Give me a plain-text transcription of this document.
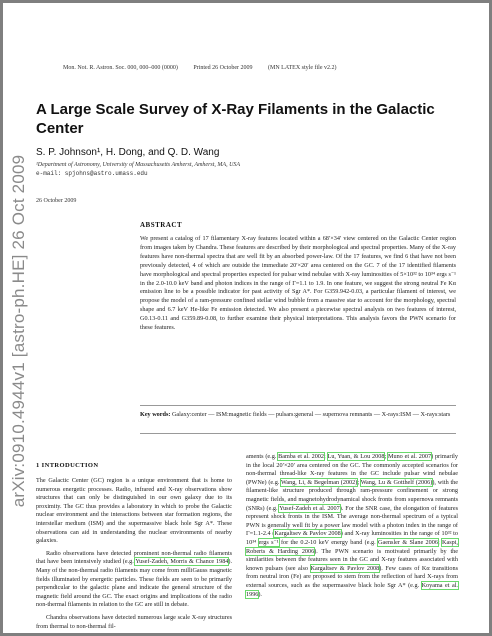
arXiv:0910.4944v1 [astro-ph.HE] 26 Oct 2009
Mon. Not. R. Astron. Soc. 000, 000–000 (0000)	Printed 26 October 2009	(MN LATEX style file v2.2)
A Large Scale Survey of X-Ray Filaments in the Galactic Center
S. P. Johnson¹, H. Dong, and Q. D. Wang
¹Department of Astronomy, University of Massachusetts Amherst, Amherst, MA, USA
e-mail: spjohns@astro.umass.edu
26 October 2009
ABSTRACT
We present a catalog of 17 filamentary X-ray features located within a 68′×34′ view centered on the Galactic Center region from images taken by Chandra. These features are described by their morphological and spectral properties. Many of the X-ray features have non-thermal spectra that are well fit by an absorbed power-law. Of the 17 features, we find 6 that have not been previously detected, 4 of which are outside the immediate 20′×20′ area centered on the GC. 7 of the 17 identified filaments have morphological and spectral properties expected for pulsar wind nebulae with X-ray luminosities of 5×10³² to 10³⁴ ergs s⁻¹ in the 2.0-10.0 keV band and photon indices in the range of Γ=1.1 to 1.9. In one feature, we suggest the strong neutral Fe Kα emission line to be a possible indicator for past activity of Sgr A*. For G359.942-0.03, a particular filament of interest, we propose the model of a ram-pressure confined stellar wind bubble from a massive star to account for the morphology, spectral shape and 6.7 keV He-like Fe emission detected. We also present a piecewise spectral analysis on two features of interest, G0.13-0.11 and G359.89-0.08, to further examine their physical interpretations. This analysis favors the PWN scenario for these features.
Key words: Galaxy:center — ISM:magnetic fields — pulsars:general — supernova remnants — X-rays:ISM — X-rays:stars
1 INTRODUCTION

The Galactic Center (GC) region is a unique environment that is home to numerous energetic processes. Radio, infrared and X-ray observations show structures that can only be distinguished in our own galaxy due to its proximity. The GC thus provides a laboratory in which to probe the Galactic nuclear environment and the interactions between star formation regions, the interstellar medium (ISM) and the supermassive black hole Sgr A*. These observations can aid in understanding the nuclear environments of nearby galaxies.

Radio observations have detected prominent non-thermal radio filaments that have been intensively studied (e.g. Yusef-Zadeh, Morris & Chance 1984). Many of the non-thermal radio filaments may come from milliGauss magnetic fields illuminated by energetic particles. These fields are seen to be primarily perpendicular to the galactic plane and indicate the general structure of the magnetic field around the GC. The exact origins and implications of the radio non-thermal filaments in relation to the GC are still in debate.

Chandra observations have detected numerous large scale X-ray structures from thermal to non-thermal fil-

aments (e.g. Bamba et al. 2002; Lu, Yuan, & Lou 2008; Muno et al. 2007) primarily in the local 20′×20′ area centered on the GC. The commonly accepted scenarios for non-thermal thread-like X-ray features in the GC include pulsar wind nebulae (PWNe) (e.g. Wang, Li, & Begelman (2002); Wang, Lu & Gotthelf (2006)), with the filament-like structure produced through ram-pressure confinement or strong magnetic fields, and magnetohydrodynamical shock fronts from supernova remnants (SNRs) (e.g. Yusef-Zadeh et al. 2007). For the SNR case, the elongation of features represent shock fronts in the ISM. The average non-thermal spectrum of a typical PWN is generally well fit by a power law model with a photon index in the range of Γ=1.1-2.4 (Kargaltsev & Pavlov 2008) and X-ray luminosities in the range of 10³² to 10³⁴ ergs s⁻¹ for the 0.2-10 keV energy band (e.g. Gaensler & Slane 2006; Kaspi, Roberts & Harding 2006). The PWN scenario is motivated primarily by the similarities between the features seen in the GC and X-ray features associated with known pulsars (see also Kargaltsev & Pavlov 2008). Few cases of Kα transitions from neutral iron (Fe) are proposed to stem from the reflection of hard X-rays from external sources, such as the supermassive black hole Sgr A* (e.g. Koyama et al. 1996).
